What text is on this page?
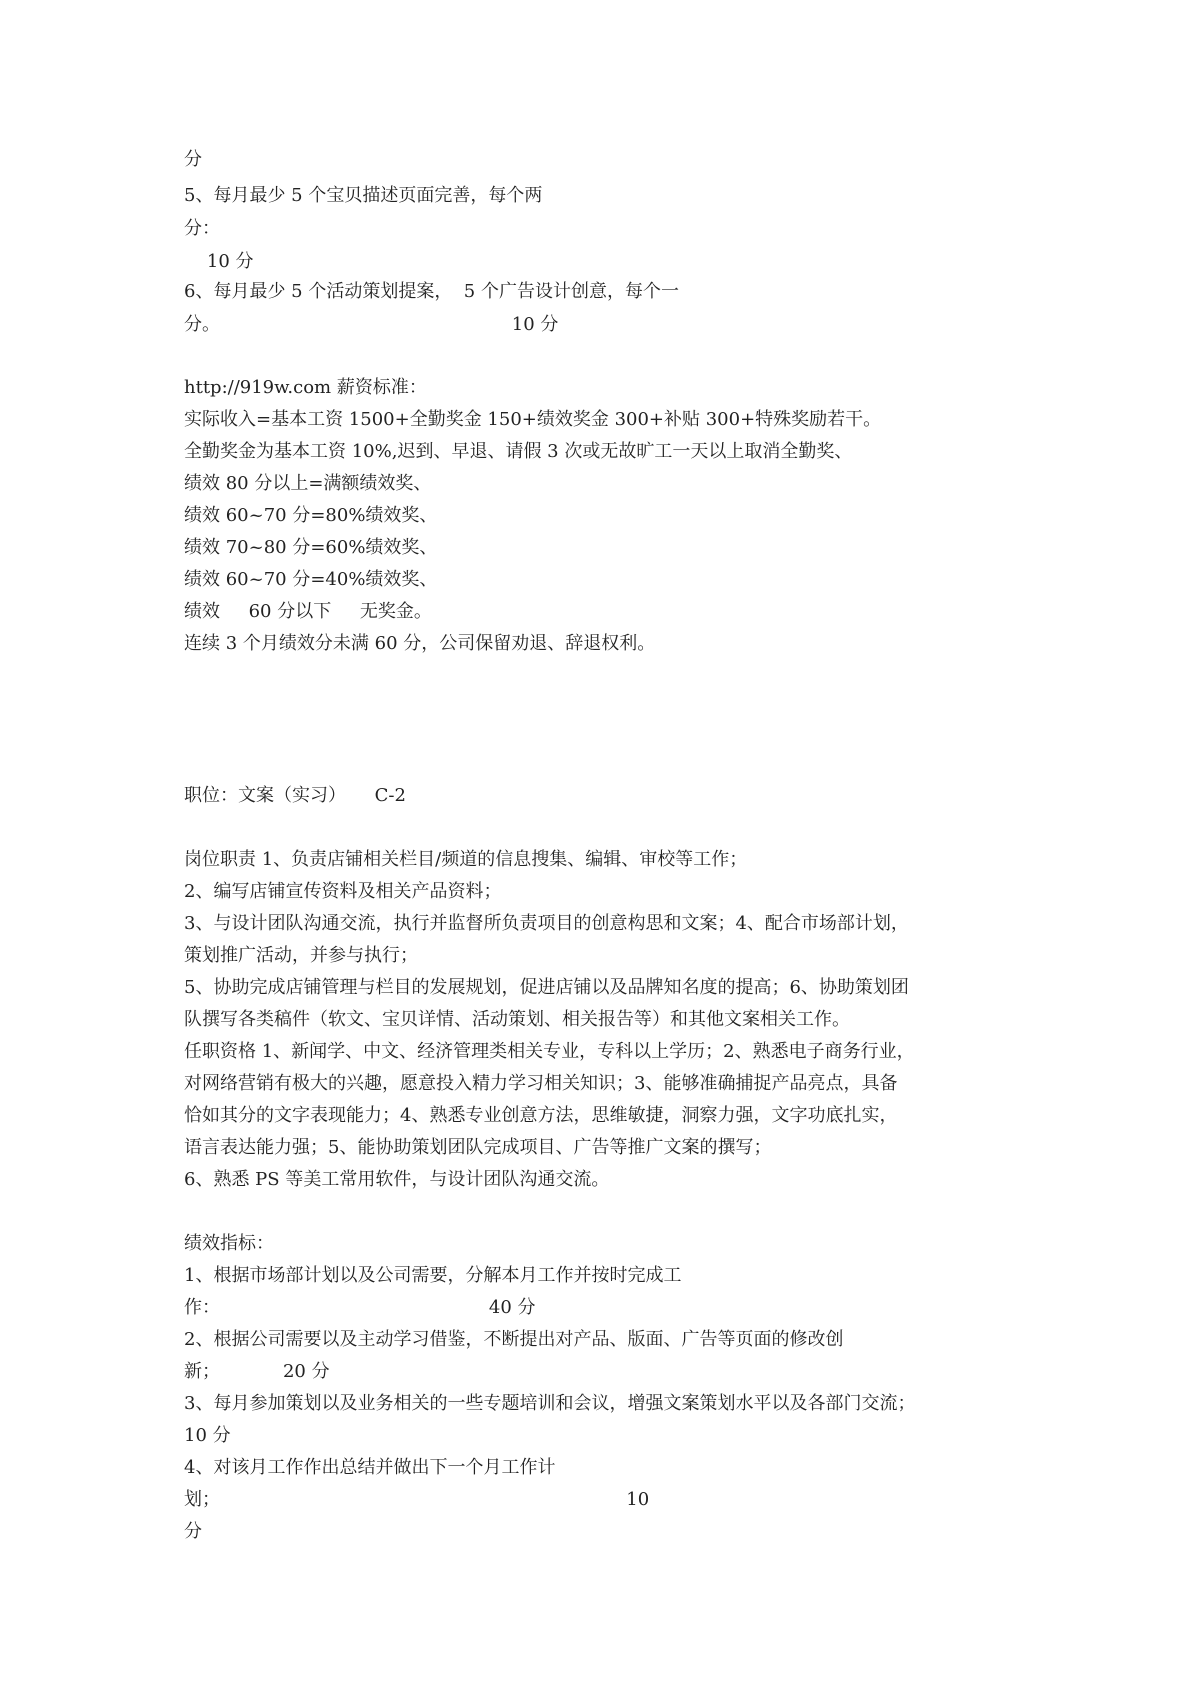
分
5、每月最少 5 个宝贝描述页面完善，每个两
分：
10 分
6、每月最少 5 个活动策划提案，  5 个广告设计创意，每个一
分。                                                   10 分
http://919w.com 薪资标准：
实际收入=基本工资 1500+全勤奖金 150+绩效奖金 300+补贴 300+特殊奖励若干。
全勤奖金为基本工资 10%,迟到、早退、请假 3 次或无故旷工一天以上取消全勤奖、
绩效 80 分以上=满额绩效奖、
绩效 60~70 分=80%绩效奖、
绩效 70~80 分=60%绩效奖、
绩效 60~70 分=40%绩效奖、
绩效     60 分以下     无奖金。
连续 3 个月绩效分未满 60 分，公司保留劝退、辞退权利。
职位：文案（实习）     C-2
岗位职责 1、负责店铺相关栏目/频道的信息搜集、编辑、审校等工作；
2、编写店铺宣传资料及相关产品资料；
3、与设计团队沟通交流，执行并监督所负责项目的创意构思和文案；4、配合市场部计划，
策划推广活动，并参与执行；
5、协助完成店铺管理与栏目的发展规划，促进店铺以及品牌知名度的提高；6、协助策划团
队撰写各类稿件（软文、宝贝详情、活动策划、相关报告等）和其他文案相关工作。
任职资格 1、新闻学、中文、经济管理类相关专业，专科以上学历；2、熟悉电子商务行业，
对网络营销有极大的兴趣，愿意投入精力学习相关知识；3、能够准确捕捉产品亮点，具备
恰如其分的文字表现能力；4、熟悉专业创意方法，思维敏捷，洞察力强，文字功底扎实，
语言表达能力强；5、能协助策划团队完成项目、广告等推广文案的撰写；
6、熟悉 PS 等美工常用软件，与设计团队沟通交流。
绩效指标：
1、根据市场部计划以及公司需要，分解本月工作并按时完成工
作：                                               40 分
2、根据公司需要以及主动学习借鉴，不断提出对产品、版面、广告等页面的修改创
新；           20 分
3、每月参加策划以及业务相关的一些专题培训和会议，增强文案策划水平以及各部门交流；
10 分
4、对该月工作作出总结并做出下一个月工作计
划；                                                                       10
分
